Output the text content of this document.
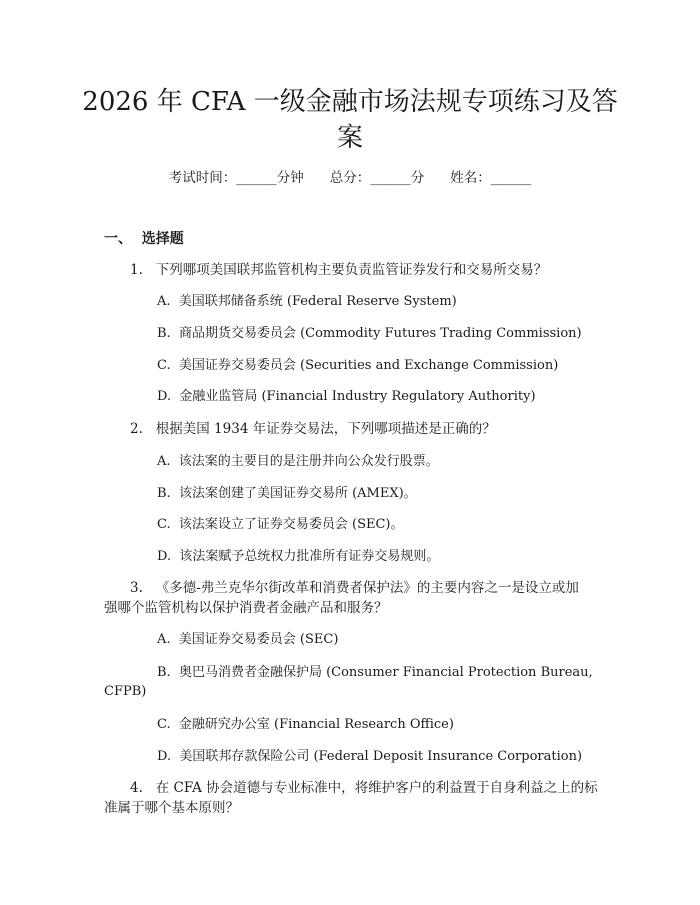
2026 年 CFA 一级金融市场法规专项练习及答
案
考试时间：______分钟 总分：______分 姓名：______
一、  选择题
1.   下列哪项美国联邦监管机构主要负责监管证券发行和交易所交易？
A.  美国联邦储备系统 (Federal Reserve System)
B.  商品期货交易委员会 (Commodity Futures Trading Commission)
C.  美国证券交易委员会 (Securities and Exchange Commission)
D.  金融业监管局 (Financial Industry Regulatory Authority)
2.   根据美国 1934 年证券交易法，下列哪项描述是正确的？
A.  该法案的主要目的是注册并向公众发行股票。
B.  该法案创建了美国证券交易所 (AMEX)。
C.  该法案设立了证券交易委员会 (SEC)。
D.  该法案赋予总统权力批准所有证券交易规则。
3.   《多德-弗兰克华尔街改革和消费者保护法》的主要内容之一是设立或加
强哪个监管机构以保护消费者金融产品和服务？
A.  美国证券交易委员会 (SEC)
B.  奥巴马消费者金融保护局 (Consumer Financial Protection Bureau,
CFPB)
C.  金融研究办公室 (Financial Research Office)
D.  美国联邦存款保险公司 (Federal Deposit Insurance Corporation)
4.   在 CFA 协会道德与专业标准中，将维护客户的利益置于自身利益之上的标
准属于哪个基本原则？
